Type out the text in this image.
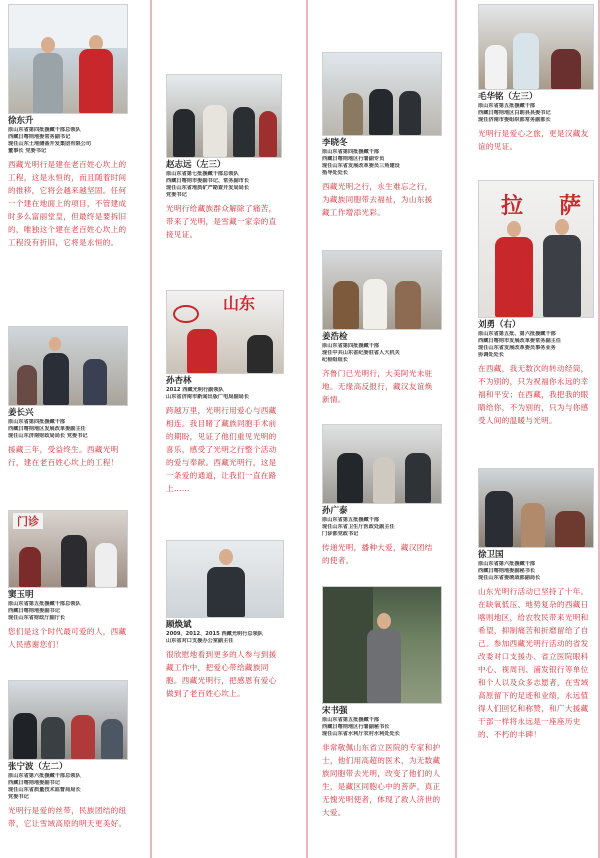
徐东升
原山东省第四批援藏干部总领队
西藏日喀则地委常务副书记
现任山东土地储备开发集团有限公司
董事长 党委书记
西藏光明行是建在老百姓心坎上的工程，这是永恒的，而且随着时间的推移，它将会越来越坚固。任何一个建在地面上的项目，不管建成时多么富丽堂皇，但最终是要拆旧的，唯独这个建在老百姓心坎上的工程没有折旧，它将是永恒的。
姜长兴
原山东省第四批援藏干部
西藏日喀则地区发展改革委副主任
现任山东济南财政局局长 党委书记
援藏三年，受益终生。西藏光明行，建在老百姓心坎上的工程！
门诊
窦玉明
原山东省第五批援藏干部总领队
西藏日喀则地委副书记
现任山东省财政厅副厅长
您们是这个时代最可爱的人，西藏人民感谢您们！
张宁波（左二）
原山东省第六批援藏干部总领队
西藏日喀则地委副书记
现任山东省质量技术监督局局长
党委书记
光明行是爱的丝带，民族团结的纽带，它让雪域高原的明天更美好。
赵志远（左三）
原山东省第七批援藏干部总领队
西藏日喀则市委副书记、常务副市长
现任山东省地质矿产勘查开发局局长
党委书记
光明行给藏族群众解除了痛苦，带来了光明，是雪藏一家亲的直接见证。
山东
孙杏林
2012 西藏光明行副领队
山东省济南市新闻出版广电局副局长
跨越万里，光明行用爱心与西藏相连。我目睹了藏族同胞手术前的期盼，见证了他们重见光明的喜乐，感受了光明之行整个活动的爱与奉献。西藏光明行，这是一条爱的通道，让我们一直在路上……
顾焕斌
2009、2012、2015 西藏光明行总领队
山东省对口支援办公室副主任
很欣慰地看到更多的人参与到援藏工作中，把爱心带给藏族同胞。西藏光明行，把感恩有爱心做到了老百姓心坎上。
李晓冬
原山东省第四批援藏干部
西藏日喀则地区行署副专员
现任山东省发展改革委员三角建设
指导处处长
西藏光明之行，永生难忘之行，为藏族同胞带去福祉，为山东援藏工作增添光彩。
姜浩检
原山东省第四批援藏干部
现任中共山东省纪委驻省人大机关
纪检组组长
齐鲁门已光明行，大美阿光未驻地。无缘高反报行，藏汉友谊焕新情。
孙广泰
原山东省第五批援藏干部
现任山东省卫生厅医政处副主任
门诊部党政书记
传递光明，播种大爱，藏汉团结的使者。
宋书强
原山东省第五批援藏干部
西藏日喀则地区行署副秘书长
现任山东省水利厅农村水利处处长
非常敬佩山东省立医院的专家和护士，他们用高超的医术，为无数藏族同胞带去光明，改变了他们的人生，是藏区同胞心中的菩萨，真正无愧光明使者，体现了救人济世的大爱。
毛华铭（左三）
原山东省第五批援藏干部
西藏日喀则地区白朗县县委书记
现任济南市委组织部常务副部长
光明行是爱心之旅，更是汉藏友谊的见证。
拉 萨
刘勇（右）
原山东省第五批、第六批援藏干部
西藏日喀则市发展改革委常务副主任
现任山东省发展改革委员事务业务
协调处处长
在西藏，我无数次的转动经筒，不为别的，只为祝福你永远的幸福和平安；在西藏，我把我的眼睛给你，不为别的，只为与你感受人间的温暖与光明。
徐卫国
原山东省第六批援藏干部
西藏日喀则地委副秘书长
现任山东省委统战部副局长
山东光明行活动已坚持了十年。在缺氧低压、地势复杂的西藏日喀则地区，给农牧民带来光明和希望，抑制痛苦和折磨留给了自己。参加西藏光明行活动的省发改委对口支援办、省立医院眼科中心、视周刊、浦发银行等单位和个人以及众多志愿者，在雪域高原留下的足迹和业绩，永远值得人们回忆和称赞，和广大援藏干部一样将永远是一座座历史的、不朽的丰碑！
